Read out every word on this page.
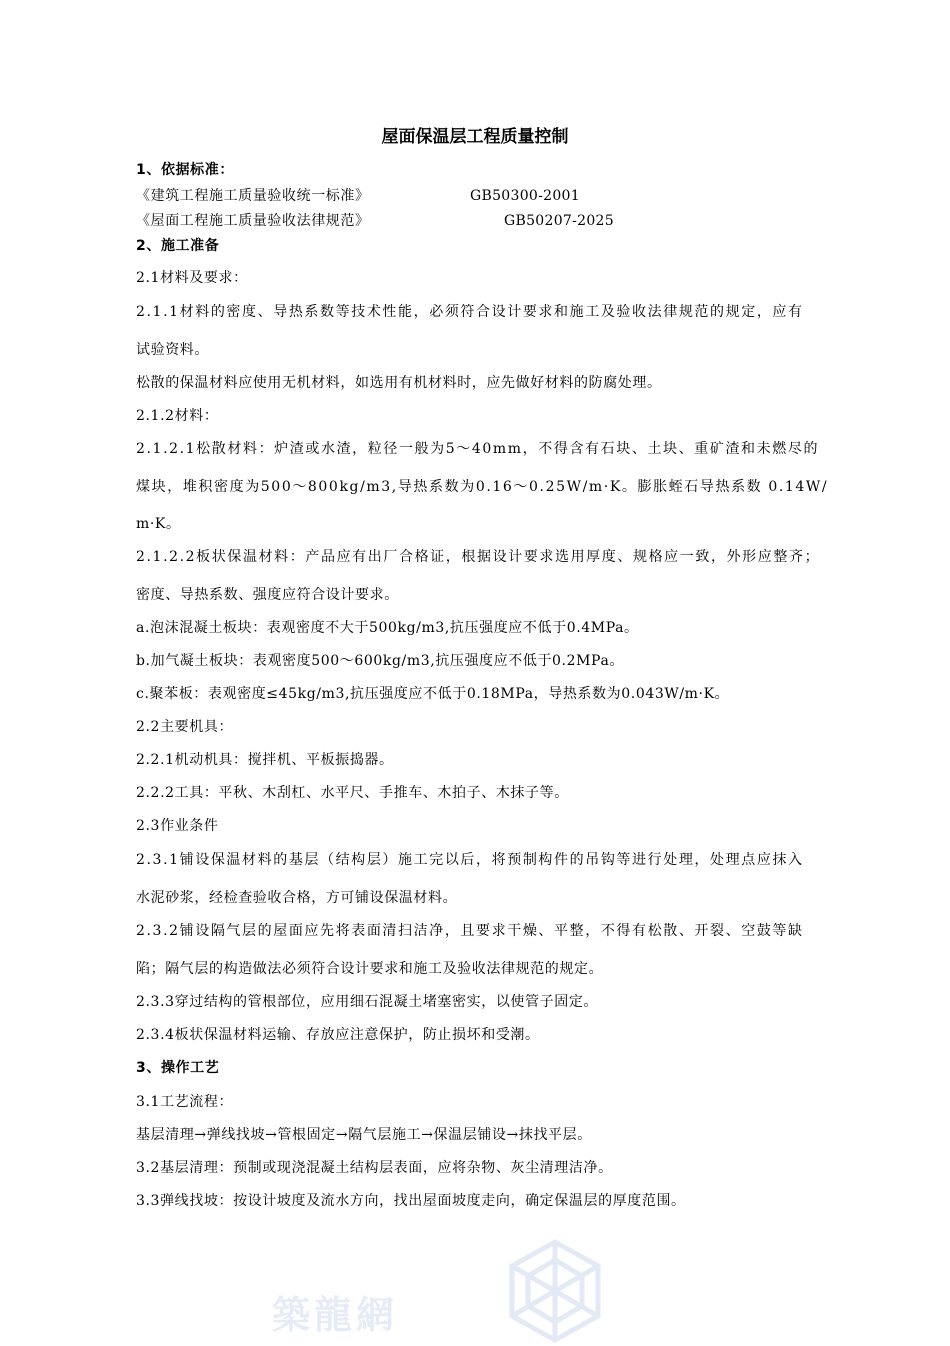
屋面保温层工程质量控制
1、依据标准：
《建筑工程施工质量验收统一标准》	GB50300-2001
《屋面工程施工质量验收法律规范》	GB50207-2025
2、施工准备
2.1材料及要求：
2.1.1材料的密度、导热系数等技术性能，必须符合设计要求和施工及验收法律规范的规定，应有
试验资料。
松散的保温材料应使用无机材料，如选用有机材料时，应先做好材料的防腐处理。
2.1.2材料：
2.1.2.1松散材料：炉渣或水渣，粒径一般为5～40mm，不得含有石块、土块、重矿渣和未燃尽的
煤块，堆积密度为500～800kg/m3,导热系数为0.16～0.25W/m·K。膨胀蛭石导热系数 0.14W/
m·K。
2.1.2.2板状保温材料：产品应有出厂合格证，根据设计要求选用厚度、规格应一致，外形应整齐；
密度、导热系数、强度应符合设计要求。
a.泡沫混凝土板块：表观密度不大于500kg/m3,抗压强度应不低于0.4MPa。
b.加气凝土板块：表观密度500～600kg/m3,抗压强度应不低于0.2MPa。
c.聚苯板：表观密度≤45kg/m3,抗压强度应不低于0.18MPa，导热系数为0.043W/m·K。
2.2主要机具：
2.2.1机动机具：搅拌机、平板振捣器。
2.2.2工具：平秋、木刮杠、水平尺、手推车、木拍子、木抹子等。
2.3作业条件
2.3.1铺设保温材料的基层（结构层）施工完以后，将预制构件的吊钩等进行处理，处理点应抹入
水泥砂浆，经检查验收合格，方可铺设保温材料。
2.3.2铺设隔气层的屋面应先将表面清扫洁净，且要求干燥、平整，不得有松散、开裂、空鼓等缺
陷；隔气层的构造做法必须符合设计要求和施工及验收法律规范的规定。
2.3.3穿过结构的管根部位，应用细石混凝土堵塞密实，以使管子固定。
2.3.4板状保温材料运输、存放应注意保护，防止损坏和受潮。
3、操作工艺
3.1工艺流程：
基层清理→弹线找坡→管根固定→隔气层施工→保温层铺设→抹找平层。
3.2基层清理：预制或现浇混凝土结构层表面，应将杂物、灰尘清理洁净。
3.3弹线找坡：按设计坡度及流水方向，找出屋面坡度走向，确定保温层的厚度范围。
築龍網
